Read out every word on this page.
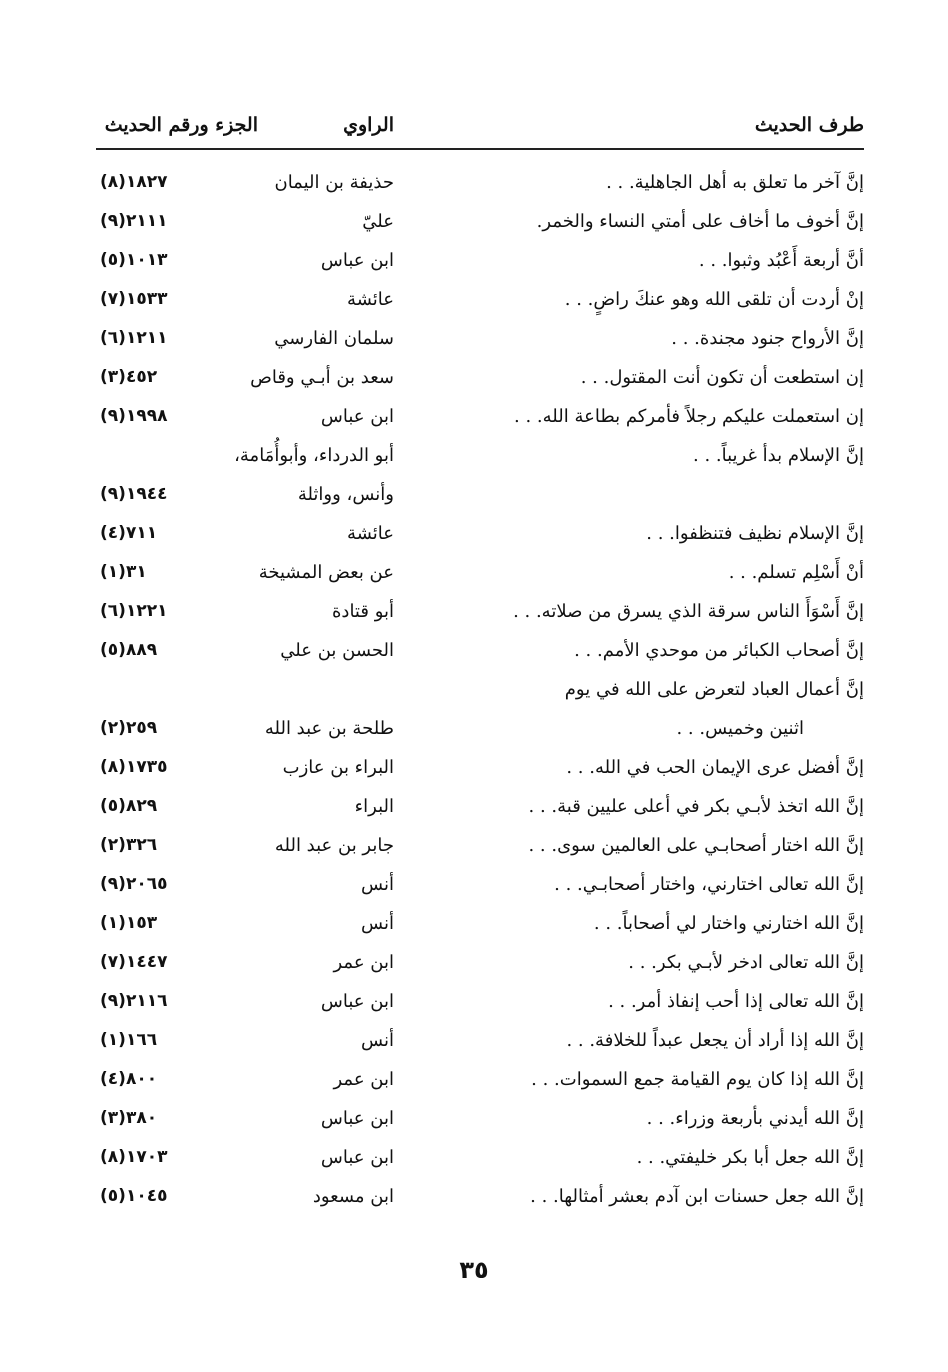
طرف الحديث
الراوي
الجزء ورقم الحديث
إنَّ آخر ما تعلق به أهل الجاهلية. . .
حذيفة بن اليمان
١٨٢٧(٨)
إنَّ أخوف ما أخاف على أمتي النساء والخمر.
عليّ
٢١١١(٩)
أنَّ أربعة أَعْبُد وثبوا. . .
ابن عباس
١٠١٣(٥)
إنْ أردت أن تلقى الله وهو عنكَ راضٍ. . .
عائشة
١٥٣٣(٧)
إنَّ الأرواح جنود مجندة. . .
سلمان الفارسي
١٢١١(٦)
إن استطعت أن تكون أنت المقتول. . .
سعد بن أبـي وقاص
٤٥٢(٣)
إن استعملت عليكم رجلاً فأمركم بطاعة الله. . .
ابن عباس
١٩٩٨(٩)
إنَّ الإسلام بدأ غريباً. . .
أبو الدرداء، وأبوأُمَامة،
وأنس، وواثلة
١٩٤٤(٩)
إنَّ الإسلام نظيف فتنظفوا. . .
عائشة
٧١١(٤)
أنْ أَسْلِم تسلم. . .
عن بعض المشيخة
٣١(١)
إنَّ أَسْوَأَ الناس سرقة الذي يسرق من صلاته. . .
أبو قتادة
١٢٢١(٦)
إنَّ أصحاب الكبائر من موحدي الأمم. . .
الحسن بن علي
٨٨٩(٥)
إنَّ أعمال العباد لتعرض على الله في يوم
اثنين وخميس. . .
طلحة بن عبد الله
٢٥٩(٢)
إنَّ أفضل عرى الإيمان الحب في الله. . .
البراء بن عازب
١٧٣٥(٨)
إنَّ الله اتخذ لأبـي بكر في أعلى عليين قبة. . .
البراء
٨٢٩(٥)
إنَّ الله اختار أصحابـي على العالمين سوى. . .
جابر بن عبد الله
٣٢٦(٢)
إنَّ الله تعالى اختارني، واختار أصحابـي. . .
أنس
٢٠٦٥(٩)
إنَّ الله اختارني واختار لي أصحاباً. . .
أنس
١٥٣(١)
إنَّ الله تعالى ادخر لأبـي بكر. . .
ابن عمر
١٤٤٧(٧)
إنَّ الله تعالى إذا أحب إنفاذ أمر. . .
ابن عباس
٢١١٦(٩)
إنَّ الله إذا أراد أن يجعل عبداً للخلافة. . .
أنس
١٦٦(١)
إنَّ الله إذا كان يوم القيامة جمع السموات. . .
ابن عمر
٨٠٠(٤)
إنَّ الله أيدني بأربعة وزراء. . .
ابن عباس
٣٨٠(٣)
إنَّ الله جعل أبا بكر خليفتي. . .
ابن عباس
١٧٠٣(٨)
إنَّ الله جعل حسنات ابن آدم بعشر أمثالها. . .
ابن مسعود
١٠٤٥(٥)
٣٥
